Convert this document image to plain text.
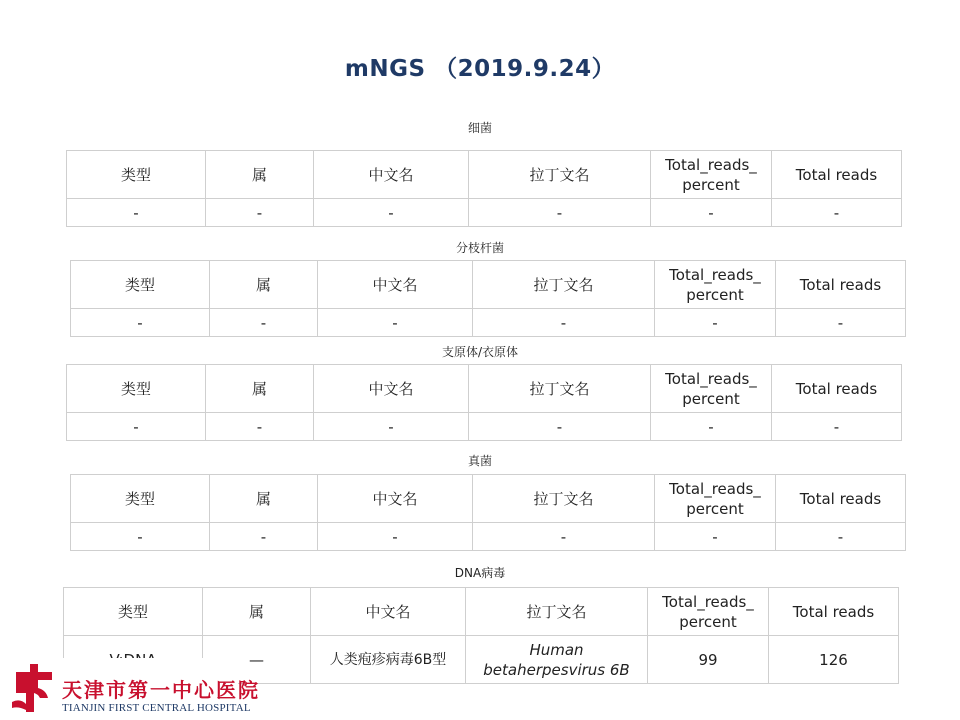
mNGS （2019.9.24）
细菌
类型	属	中文名	拉丁文名	Total_reads_ percent	Total reads
-	-	-	-	-	-
分枝杆菌
类型	属	中文名	拉丁文名	Total_reads_ percent	Total reads
-	-	-	-	-	-
支原体/衣原体
类型	属	中文名	拉丁文名	Total_reads_ percent	Total reads
-	-	-	-	-	-
真菌
类型	属	中文名	拉丁文名	Total_reads_ percent	Total reads
-	-	-	-	-	-
DNA病毒
类型	属	中文名	拉丁文名	Total_reads_ percent	Total reads
	—	人类疱疹病毒6B型	Human betaherpesvirus 6B	99	126
天津市第一中心医院
TIANJIN FIRST CENTRAL HOSPITAL
